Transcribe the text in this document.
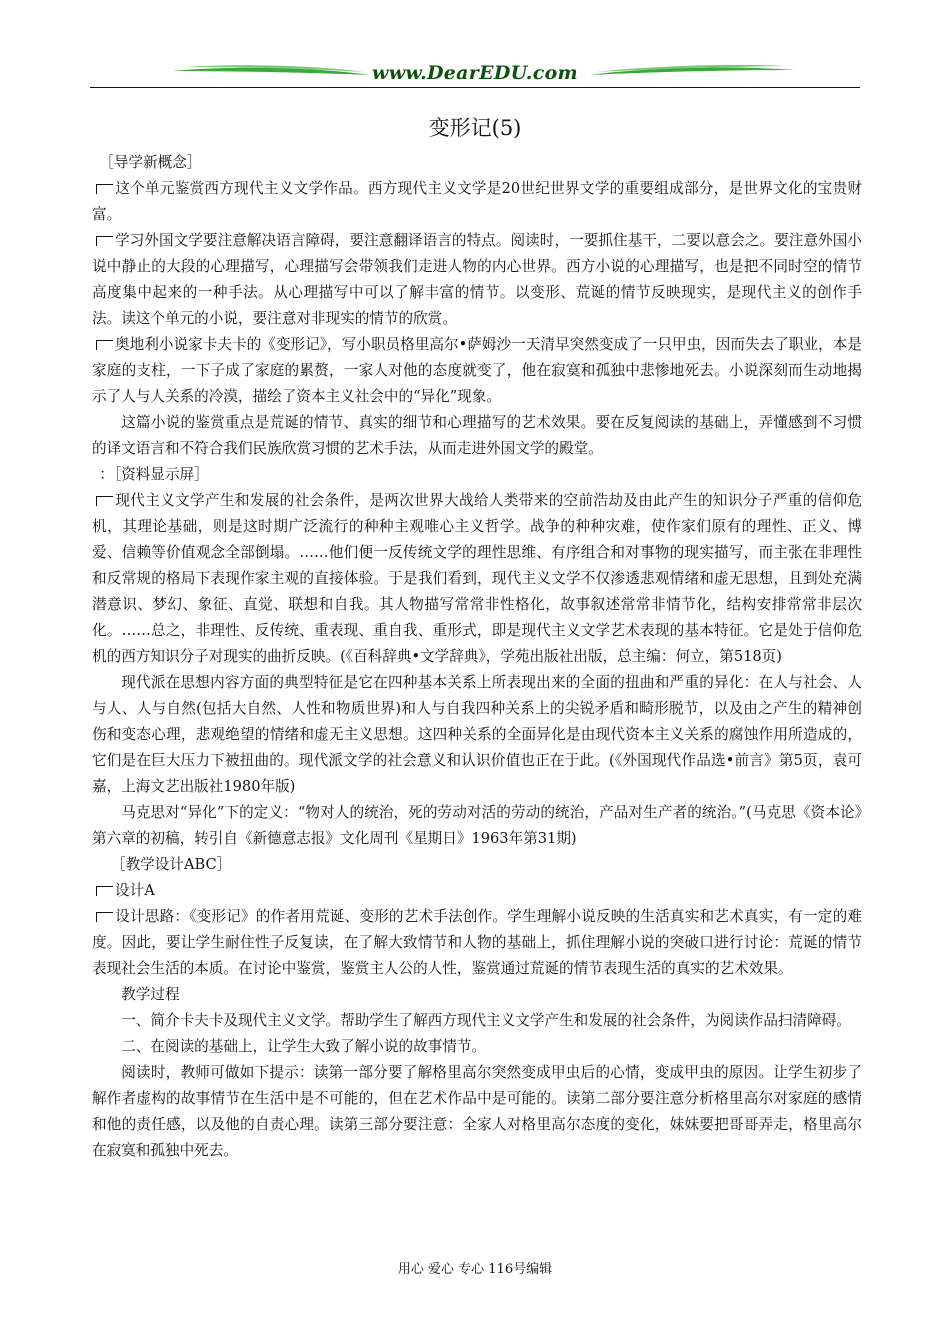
www.DearEDU.com
变形记(5)

［导学新概念］

这个单元鉴赏西方现代主义文学作品。西方现代主义文学是20世纪世界文学的重要组成部分，是世界文化的宝贵财富。

学习外国文学要注意解决语言障碍，要注意翻译语言的特点。阅读时，一要抓住基干，二要以意会之。要注意外国小说中静止的大段的心理描写，心理描写会带领我们走进人物的内心世界。西方小说的心理描写，也是把不同时空的情节高度集中起来的一种手法。从心理描写中可以了解丰富的情节。以变形、荒诞的情节反映现实，是现代主义的创作手法。读这个单元的小说，要注意对非现实的情节的欣赏。

奥地利小说家卡夫卡的《变形记》，写小职员格里高尔•萨姆沙一天清早突然变成了一只甲虫，因而失去了职业，本是家庭的支柱，一下子成了家庭的累赘，一家人对他的态度就变了，他在寂寞和孤独中悲惨地死去。小说深刻而生动地揭示了人与人关系的冷漠，描绘了资本主义社会中的“异化”现象。

这篇小说的鉴赏重点是荒诞的情节、真实的细节和心理描写的艺术效果。要在反复阅读的基础上，弄懂感到不习惯的译文语言和不符合我们民族欣赏习惯的艺术手法，从而走进外国文学的殿堂。

：［资料显示屏］

现代主义文学产生和发展的社会条件，是两次世界大战给人类带来的空前浩劫及由此产生的知识分子严重的信仰危机，其理论基础，则是这时期广泛流行的种种主观唯心主义哲学。战争的种种灾难，使作家们原有的理性、正义、博爱、信赖等价值观念全部倒塌。……他们便一反传统文学的理性思维、有序组合和对事物的现实描写，而主张在非理性和反常规的格局下表现作家主观的直接体验。于是我们看到，现代主义文学不仅渗透悲观情绪和虚无思想，且到处充满潜意识、梦幻、象征、直觉、联想和自我。其人物描写常常非性格化，故事叙述常常非情节化，结构安排常常非层次化。……总之，非理性、反传统、重表现、重自我、重形式，即是现代主义文学艺术表现的基本特征。它是处于信仰危机的西方知识分子对现实的曲折反映。(《百科辞典•文学辞典》，学苑出版社出版，总主编：何立，第518页)

现代派在思想内容方面的典型特征是它在四种基本关系上所表现出来的全面的扭曲和严重的异化：在人与社会、人与人、人与自然(包括大自然、人性和物质世界)和人与自我四种关系上的尖锐矛盾和畸形脱节，以及由之产生的精神创伤和变态心理，悲观绝望的情绪和虚无主义思想。这四种关系的全面异化是由现代资本主义关系的腐蚀作用所造成的，它们是在巨大压力下被扭曲的。现代派文学的社会意义和认识价值也正在于此。(《外国现代作品选•前言》第5页，袁可嘉，上海文艺出版社1980年版)

马克思对“异化”下的定义：“物对人的统治，死的劳动对活的劳动的统治，产品对生产者的统治。”(马克思《资本论》第六章的初稿，转引自《新德意志报》文化周刊《星期日》1963年第31期)

［教学设计ABC］

设计A

设计思路：《变形记》的作者用荒诞、变形的艺术手法创作。学生理解小说反映的生活真实和艺术真实，有一定的难度。因此，要让学生耐住性子反复读，在了解大致情节和人物的基础上，抓住理解小说的突破口进行讨论：荒诞的情节表现社会生活的本质。在讨论中鉴赏，鉴赏主人公的人性，鉴赏通过荒诞的情节表现生活的真实的艺术效果。

教学过程

一、简介卡夫卡及现代主义文学。帮助学生了解西方现代主义文学产生和发展的社会条件，为阅读作品扫清障碍。

二、在阅读的基础上，让学生大致了解小说的故事情节。

阅读时，教师可做如下提示：读第一部分要了解格里高尔突然变成甲虫后的心情，变成甲虫的原因。让学生初步了解作者虚构的故事情节在生活中是不可能的，但在艺术作品中是可能的。读第二部分要注意分析格里高尔对家庭的感情和他的责任感，以及他的自责心理。读第三部分要注意：全家人对格里高尔态度的变化，妹妹要把哥哥弄走，格里高尔在寂寞和孤独中死去。

用心 爱心 专心 116号编辑
